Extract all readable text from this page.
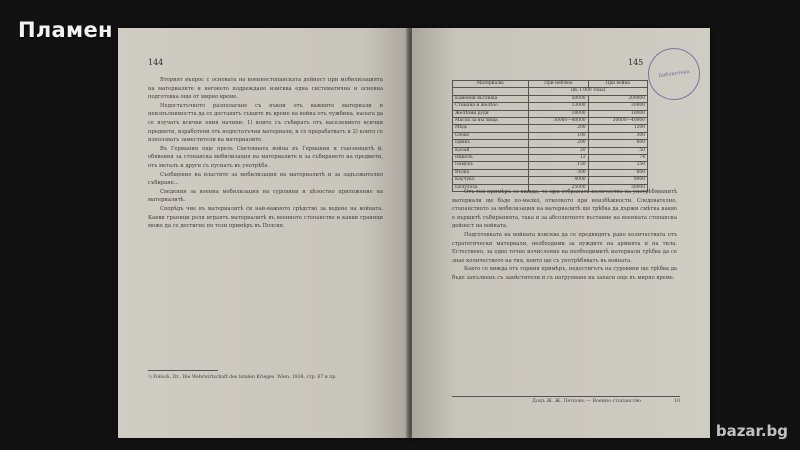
Пламен
144

Вторият въпрос с основата на военностопанската дейност при мобилизацията на материалите и неговото подреждане изисква една систематична и основна подготовка още от мирно време.

Недостатъчното разполагане съ нъкои отъ важните материали и неизпълнимостта да се доставятъ същите въ време на война отъ чужбина, налага да се изучатъ всички ония начини: 1) които съ събиратъ отъ населението всички предмети, изработени отъ недостатъчни материали, и се прерабатватъ и 2) които се използватъ заместители на материалите.

Въ Германия още презъ Световната война въ Германия и съюзницитѣ й, обявения за стопанска мобилизация на материалите и за събирането на предмети, отъ металъ и други съ пуснатъ въ употрѣба.

Съобщение на властите за мобилизация на материалитѣ и за задължително събиране...

Сведения за военна мобилизация на суровини и цѣлостно приложение на материалитѣ.

Спорѣдъ чие въ материалитѣ си най-важното срѣдство за водене на войната. Какви граници роля играятъ материалитѣ въ военното стопанство и какви граници може да се достигне по този примѣръ въ Полсия.

¹) Pollock, Dr., Die Wehrwirtschaft des totalen Krieges. Wien. 1938, стр. 67 и пр.
145
Библиотека
Материали:	При неблюо	При война
	(въ 1.000 тона)	
Каменни въглища	50000	200000
Стомана и желѣзо	13000	30000
Желѣзни руди	18000	18000
Масла за въглища	30000—40000	30000—40000
Мѣдь	200	1200
Олово	100	300
Цинкъ	200	600
Калай	20	50
Никелъ	12	74
Памукъ	150	250
Вълна	300	600
Каучукъ	4000	9000
Целулоза	25000	30000

Отъ тоя примѣръ се вижда, че при отбраната количество на употрѣбяванитѣ материали ще бъде по-малко, отколкото при неизбѣжности. Следователно, стопанството за мобилизация на материалитѣ ще трѣбва да държи смѣтка какво е вършитѣ събиранията, така и за абсолютното въстание на военната стопанска дейност на войната.

Подготовката на войната изисква да се предвидятъ рано количествата отъ стратегически материали, необходими за нуждите на армията и на тила. Естествено, за едно точно изчисление на необходимитѣ материали трѣбва да се знае количеството на тия, които ще съ употрѣбяватъ въ войната.

Както се вижда отъ горния примѣръ, недостигътъ на суровини ще трѣбва да бъде запълненъ съ замѣстители и съ натрупване на запаси още въ мирно време.

Доцъ Ж. Ж. Петковъ — Военно стопанство	10
bazar.bg
